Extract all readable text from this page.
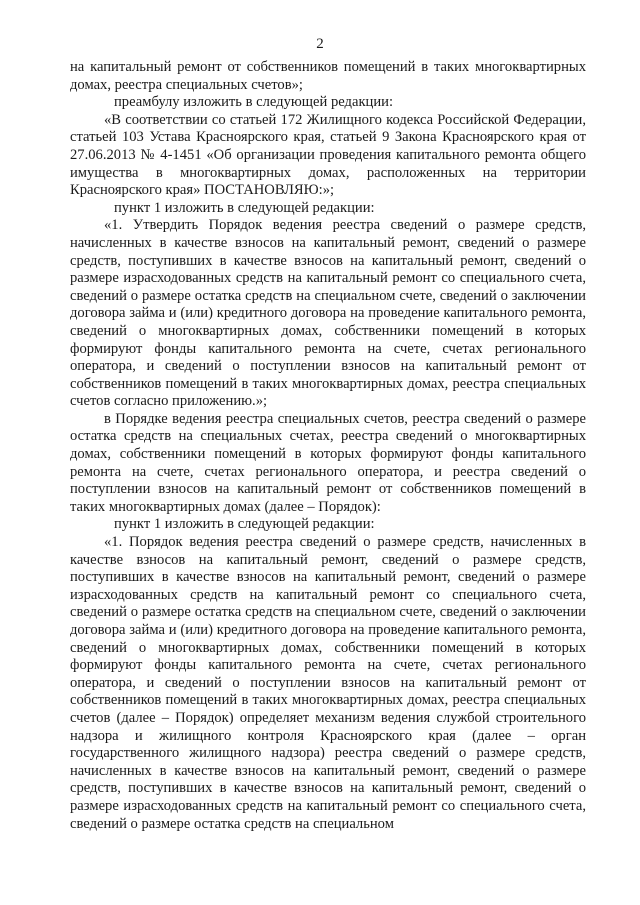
2

на капитальный ремонт от собственников помещений в таких многоквартирных домах, реестра специальных счетов»;

преамбулу изложить в следующей редакции:

«В соответствии со статьей 172 Жилищного кодекса Российской Федерации, статьей 103 Устава Красноярского края, статьей 9 Закона Красноярского края от 27.06.2013 № 4-1451 «Об организации проведения капитального ремонта общего имущества в многоквартирных домах, расположенных на территории Красноярского края» ПОСТАНОВЛЯЮ:»;

пункт 1 изложить в следующей редакции:

«1. Утвердить Порядок ведения реестра сведений о размере средств, начисленных в качестве взносов на капитальный ремонт, сведений о размере средств, поступивших в качестве взносов на капитальный ремонт, сведений о размере израсходованных средств на капитальный ремонт со специального счета, сведений о размере остатка средств на специальном счете, сведений о заключении договора займа и (или) кредитного договора на проведение капитального ремонта, сведений о многоквартирных домах, собственники помещений в которых формируют фонды капитального ремонта на счете, счетах регионального оператора, и сведений о поступлении взносов на капитальный ремонт от собственников помещений в таких многоквартирных домах, реестра специальных счетов согласно приложению.»;

в Порядке ведения реестра специальных счетов, реестра сведений о размере остатка средств на специальных счетах, реестра сведений о многоквартирных домах, собственники помещений в которых формируют фонды капитального ремонта на счете, счетах регионального оператора, и реестра сведений о поступлении взносов на капитальный ремонт от собственников помещений в таких многоквартирных домах (далее – Порядок):

пункт 1 изложить в следующей редакции:

«1. Порядок ведения реестра сведений о размере средств, начисленных в качестве взносов на капитальный ремонт, сведений о размере средств, поступивших в качестве взносов на капитальный ремонт, сведений о размере израсходованных средств на капитальный ремонт со специального счета, сведений о размере остатка средств на специальном счете, сведений о заключении договора займа и (или) кредитного договора на проведение капитального ремонта, сведений о многоквартирных домах, собственники помещений в которых формируют фонды капитального ремонта на счете, счетах регионального оператора, и сведений о поступлении взносов на капитальный ремонт от собственников помещений в таких многоквартирных домах, реестра специальных счетов (далее – Порядок) определяет механизм ведения службой строительного надзора и жилищного контроля Красноярского края (далее – орган государственного жилищного надзора) реестра сведений о размере средств, начисленных в качестве взносов на капитальный ремонт, сведений о размере средств, поступивших в качестве взносов на капитальный ремонт, сведений о размере израсходованных средств на капитальный ремонт со специального счета, сведений о размере остатка средств на специальном
